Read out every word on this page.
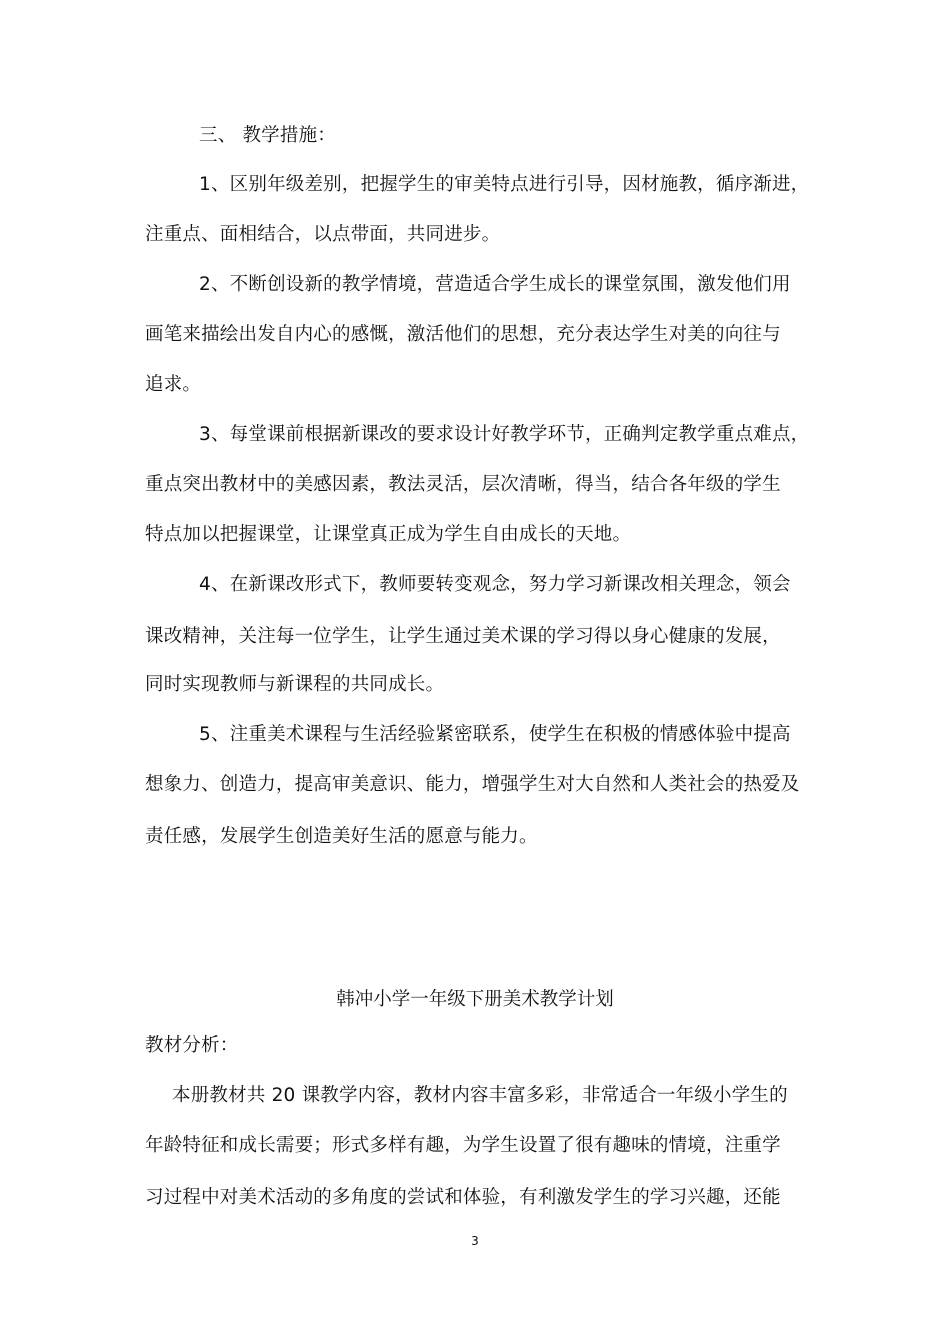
三、 教学措施：
1、区别年级差别，把握学生的审美特点进行引导，因材施教，循序渐进，
注重点、面相结合，以点带面，共同进步。
2、不断创设新的教学情境，营造适合学生成长的课堂氛围，激发他们用
画笔来描绘出发自内心的感慨，激活他们的思想，充分表达学生对美的向往与
追求。
3、每堂课前根据新课改的要求设计好教学环节，正确判定教学重点难点，
重点突出教材中的美感因素，教法灵活，层次清晰，得当，结合各年级的学生
特点加以把握课堂，让课堂真正成为学生自由成长的天地。
4、在新课改形式下，教师要转变观念，努力学习新课改相关理念，领会
课改精神，关注每一位学生，让学生通过美术课的学习得以身心健康的发展，
同时实现教师与新课程的共同成长。
5、注重美术课程与生活经验紧密联系，使学生在积极的情感体验中提高
想象力、创造力，提高审美意识、能力，增强学生对大自然和人类社会的热爱及
责任感，发展学生创造美好生活的愿意与能力。
韩冲小学一年级下册美术教学计划
教材分析：
本册教材共 20 课教学内容，教材内容丰富多彩，非常适合一年级小学生的
年龄特征和成长需要；形式多样有趣，为学生设置了很有趣味的情境，注重学
习过程中对美术活动的多角度的尝试和体验，有利激发学生的学习兴趣，还能
3
